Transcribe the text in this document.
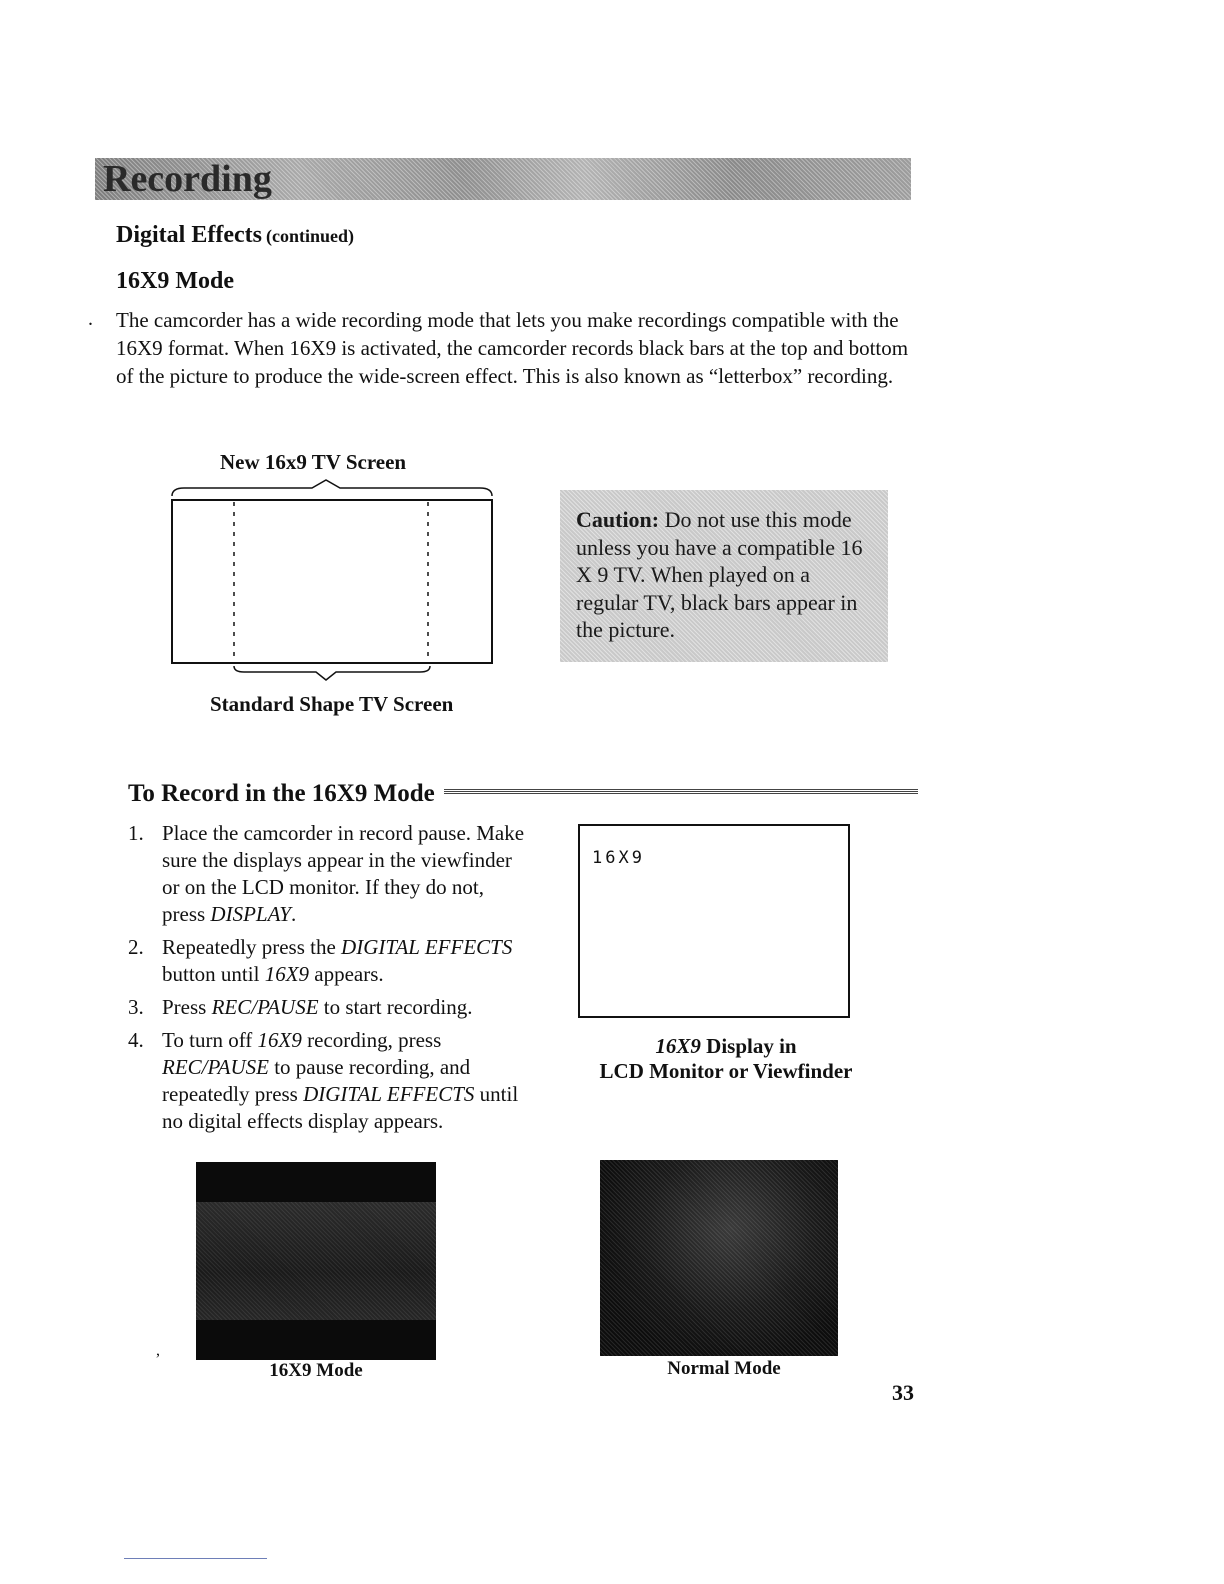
Recording
Digital Effects (continued)
16X9 Mode
. The camcorder has a wide recording mode that lets you make recordings compatible with the 16X9 format. When 16X9 is activated, the camcorder records black bars at the top and bottom of the picture to produce the wide-screen effect. This is also known as “letterbox” recording.

New 16x9 TV Screen
Standard Shape TV Screen
Caution: Do not use this mode unless you have a compatible 16 X 9 TV. When played on a regular TV, black bars appear in the picture.
To Record in the 16X9 Mode
1. Place the camcorder in record pause. Make sure the displays appear in the viewfinder or on the LCD monitor. If they do not, press DISPLAY.
2. Repeatedly press the DIGITAL EFFECTS button until 16X9 appears.
3. Press REC/PAUSE to start recording.
4. To turn off 16X9 recording, press REC/PAUSE to pause recording, and repeatedly press DIGITAL EFFECTS until no digital effects display appears.
16X9
16X9 Display in
LCD Monitor or Viewfinder
,
16X9 Mode	Normal Mode
33
